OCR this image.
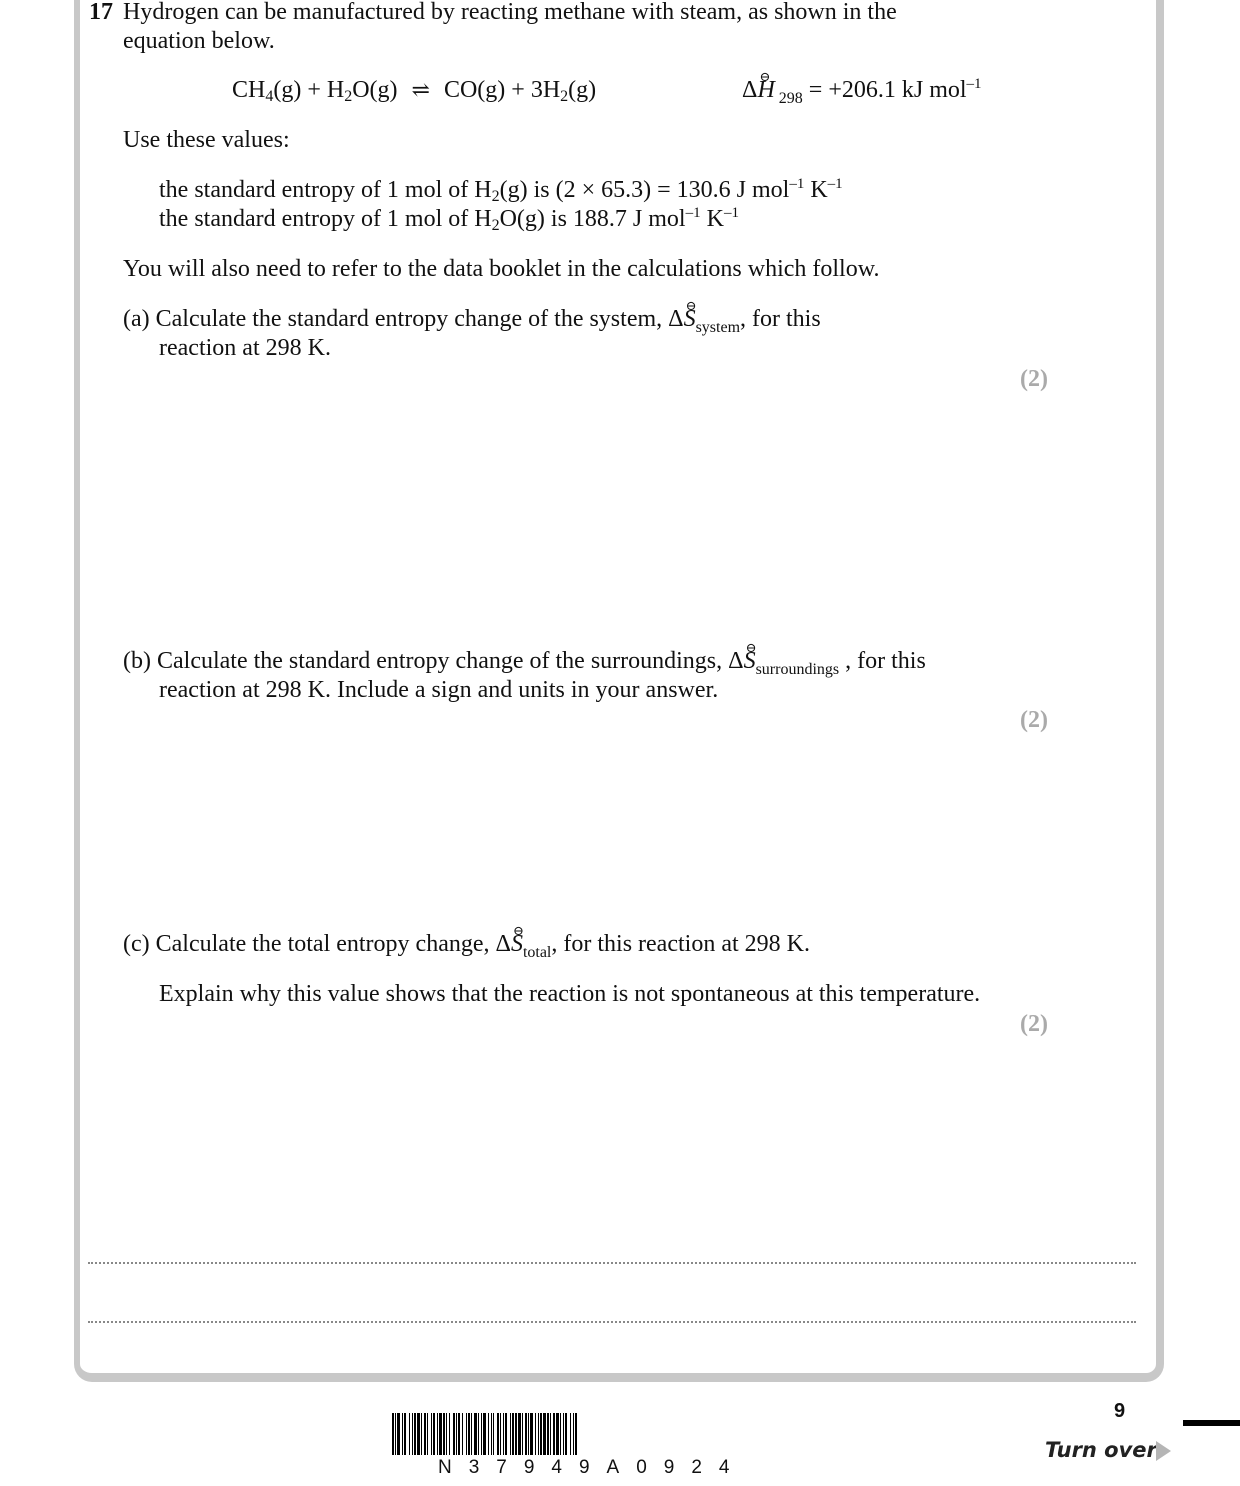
17 Hydrogen can be manufactured by reacting methane with steam, as shown in the
equation below.
$CH_4(g) + H_2O(g)$ ⇌ $CO(g) + 3H_2(g)$	ΔH ⊖ $_{298}$ = +206.1 kJ mol$^{-1}$
Use these values:
the standard entropy of 1 mol of $H_2(g)$ is (2 × 65.3) = 130.6 J mol$^{-1}$ $K^{-1}$
the standard entropy of 1 mol of $H_2O(g)$ is 188.7 J mol$^{-1}$ $K^{-1}$
You will also need to refer to the data booklet in the calculations which follow.
(a) Calculate the standard entropy change of the system, ΔS $⊖_{system}$, for this
reaction at 298 K.
(2)
(b) Calculate the standard entropy change of the surroundings, ΔS $⊖_{surroundings}$ , for this
reaction at 298 K. Include a sign and units in your answer.
(2)
(c) Calculate the total entropy change, ΔS $⊖_{total}$, for this reaction at 298 K.
Explain why this value shows that the reaction is not spontaneous at this temperature.
(2)
N37949A0924
9
Turn over
